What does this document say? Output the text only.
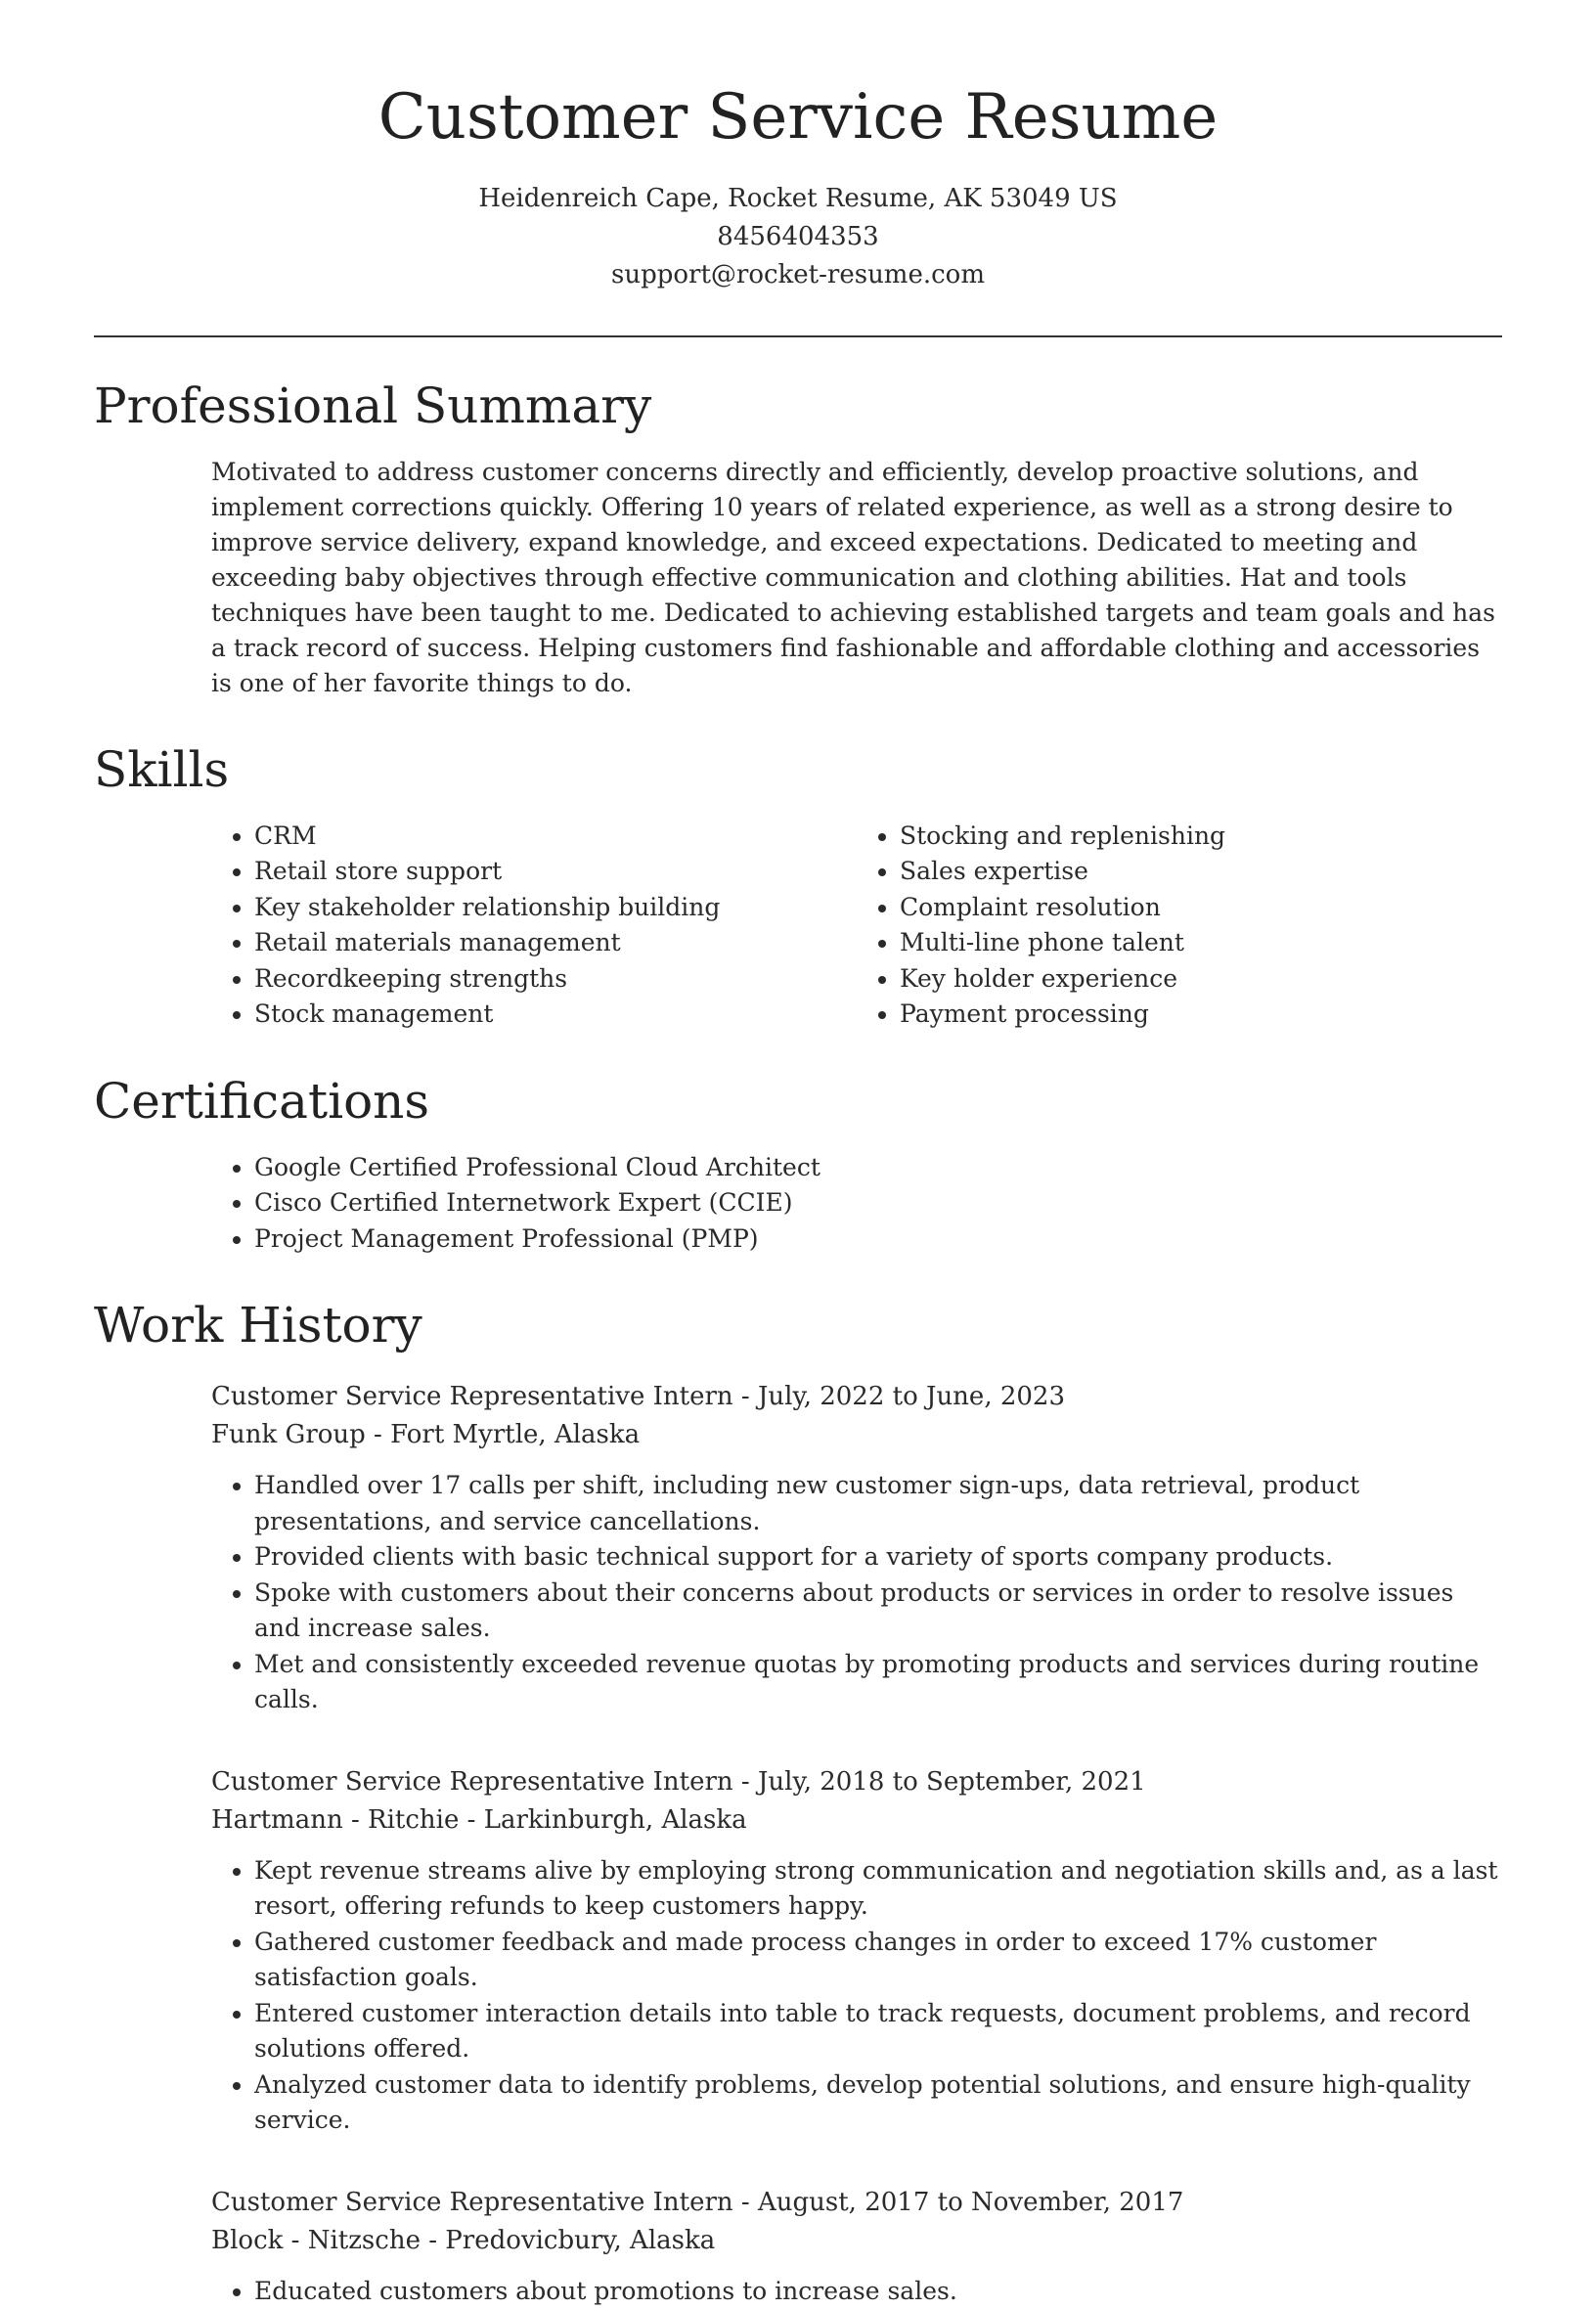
Customer Service Resume
Heidenreich Cape, Rocket Resume, AK 53049 US
8456404353
support@rocket-resume.com
Professional Summary
Motivated to address customer concerns directly and efficiently, develop proactive solutions, and implement corrections quickly. Offering 10 years of related experience, as well as a strong desire to improve service delivery, expand knowledge, and exceed expectations. Dedicated to meeting and exceeding baby objectives through effective communication and clothing abilities. Hat and tools techniques have been taught to me. Dedicated to achieving established targets and team goals and has a track record of success. Helping customers find fashionable and affordable clothing and accessories is one of her favorite things to do.
Skills
• CRM
• Retail store support
• Key stakeholder relationship building
• Retail materials management
• Recordkeeping strengths
• Stock management
• Stocking and replenishing
• Sales expertise
• Complaint resolution
• Multi-line phone talent
• Key holder experience
• Payment processing
Certifications
• Google Certified Professional Cloud Architect
• Cisco Certified Internetwork Expert (CCIE)
• Project Management Professional (PMP)
Work History
Customer Service Representative Intern - July, 2022 to June, 2023
Funk Group - Fort Myrtle, Alaska
• Handled over 17 calls per shift, including new customer sign-ups, data retrieval, product presentations, and service cancellations.
• Provided clients with basic technical support for a variety of sports company products.
• Spoke with customers about their concerns about products or services in order to resolve issues and increase sales.
• Met and consistently exceeded revenue quotas by promoting products and services during routine calls.
Customer Service Representative Intern - July, 2018 to September, 2021
Hartmann - Ritchie - Larkinburgh, Alaska
• Kept revenue streams alive by employing strong communication and negotiation skills and, as a last resort, offering refunds to keep customers happy.
• Gathered customer feedback and made process changes in order to exceed 17% customer satisfaction goals.
• Entered customer interaction details into table to track requests, document problems, and record solutions offered.
• Analyzed customer data to identify problems, develop potential solutions, and ensure high-quality service.
Customer Service Representative Intern - August, 2017 to November, 2017
Block - Nitzsche - Predovicbury, Alaska
• Educated customers about promotions to increase sales.
